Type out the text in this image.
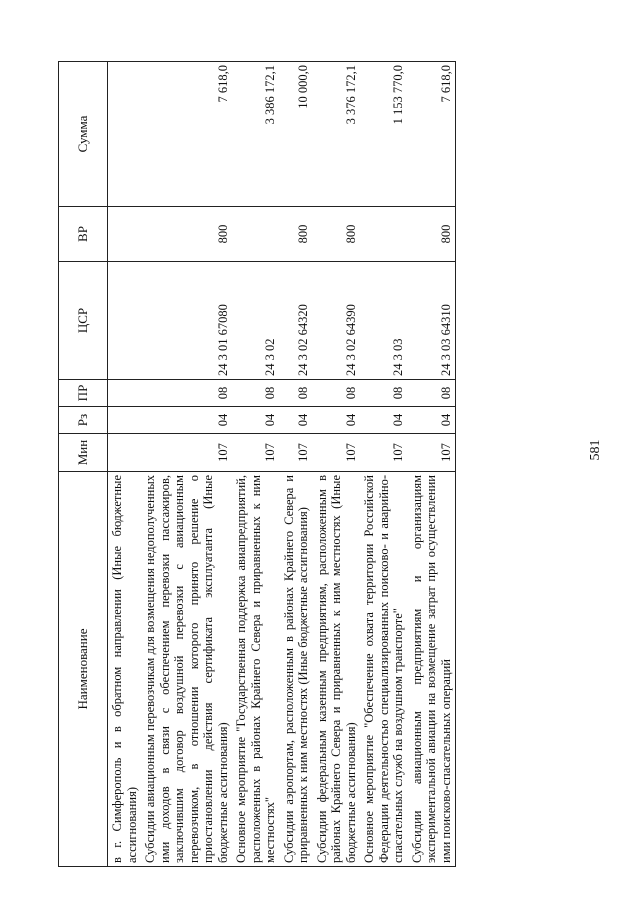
581
Наименование	Мин	Рз	ПР	ЦСР	ВР	Сумма
в г. Симферополь и в обратном направлении (Иные бюджетные ассигнования)						
Субсидии авиационным перевозчикам для возмещения недополученных ими доходов в связи с обеспечением перевозки пассажиров, заключившим договор воздушной перевозки с авиационным перевозчиком, в отношении которого принято решение о приостановлении действия сертификата эксплуатанта (Иные бюджетные ассигнования)	107	04	08	24 3 01 67080	800	7 618,0
Основное мероприятие "Государственная поддержка авиапредприятий, расположенных в районах Крайнего Севера и приравненных к ним местностях"	107	04	08	24 3 02		3 386 172,1
Субсидии аэропортам, расположенным в районах Крайнего Севера и приравненных к ним местностях (Иные бюджетные ассигнования)	107	04	08	24 3 02 64320	800	10 000,0
Субсидии федеральным казенным предприятиям, расположенным в районах Крайнего Севера и приравненных к ним местностях (Иные бюджетные ассигнования)	107	04	08	24 3 02 64390	800	3 376 172,1
Основное мероприятие "Обеспечение охвата территории Российской Федерации деятельностью специализированных поисково- и аварийно-спасательных служб на воздушном транспорте"	107	04	08	24 3 03		1 153 770,0
Субсидии авиационным предприятиям и организациям экспериментальной авиации на возмещение затрат при осуществлении ими поисково-спасательных операций	107	04	08	24 3 03 64310	800	7 618,0
